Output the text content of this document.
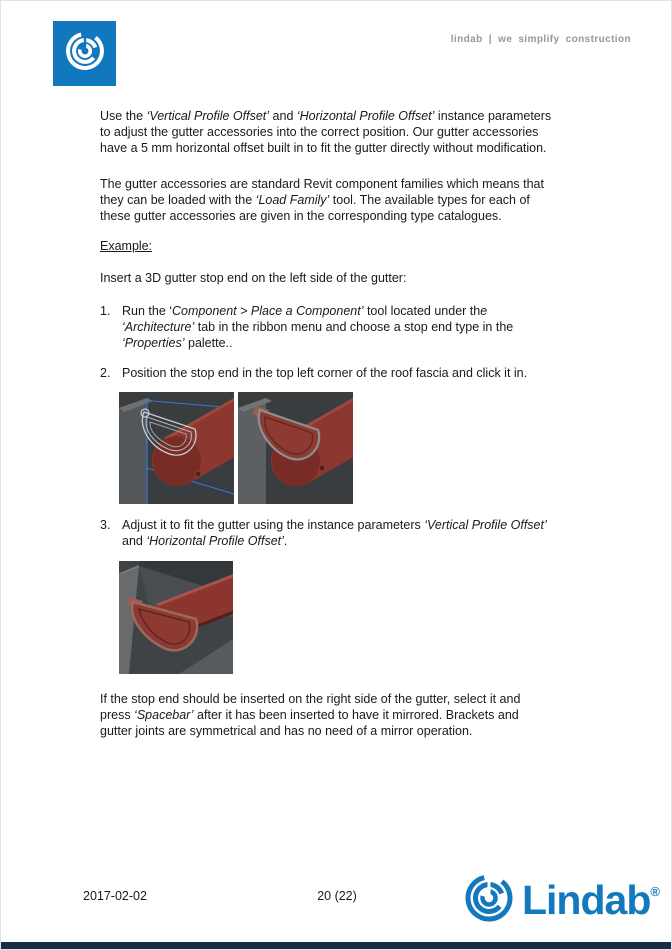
lindab | we simplify construction

Use the ‘Vertical Profile Offset’ and ‘Horizontal Profile Offset’ instance parameters
to adjust the gutter accessories into the correct position. Our gutter accessories
have a 5 mm horizontal offset built in to fit the gutter directly without modification.

The gutter accessories are standard Revit component families which means that
they can be loaded with the ‘Load Family’ tool. The available types for each of
these gutter accessories are given in the corresponding type catalogues.

Example:

Insert a 3D gutter stop end on the left side of the gutter:

1. Run the ‘Component > Place a Component’ tool located under the
‘Architecture’ tab in the ribbon menu and choose a stop end type in the
‘Properties’ palette..
2. Position the stop end in the top left corner of the roof fascia and click it in.
3. Adjust it to fit the gutter using the instance parameters ‘Vertical Profile Offset’
and ‘Horizontal Profile Offset’.

If the stop end should be inserted on the right side of the gutter, select it and
press ‘Spacebar’ after it has been inserted to have it mirrored. Brackets and
gutter joints are symmetrical and has no need of a mirror operation.

20 (22)
2017-02-02	Lindab®
